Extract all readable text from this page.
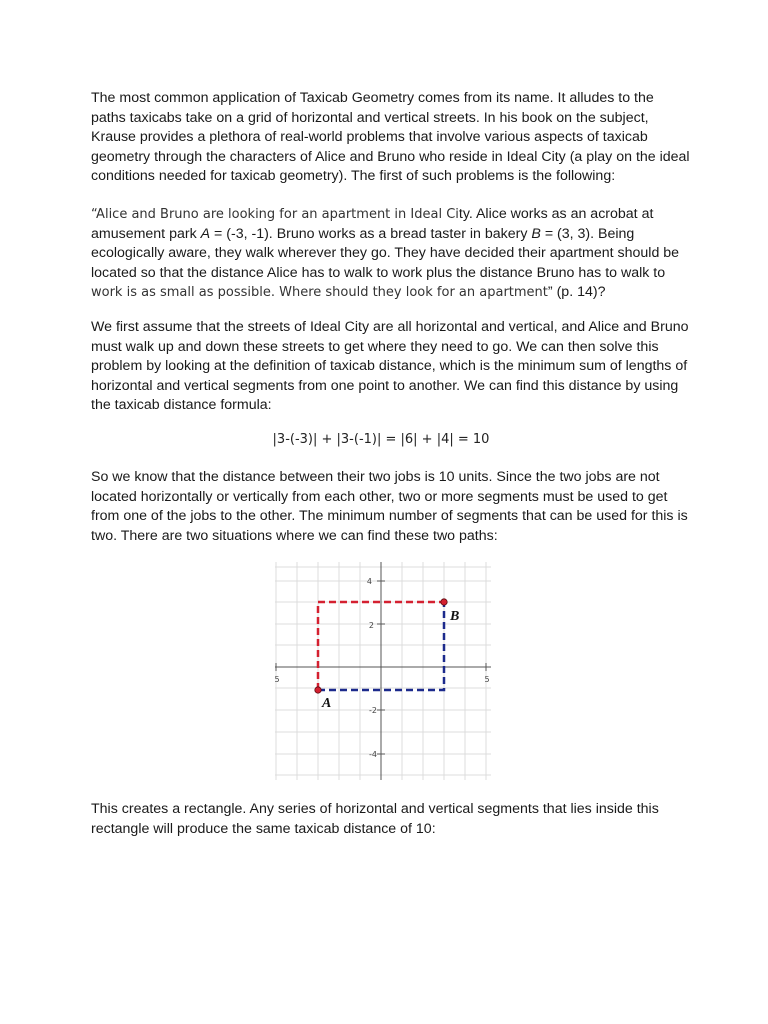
The most common application of Taxicab Geometry comes from its name. It alludes to the paths taxicabs take on a grid of horizontal and vertical streets. In his book on the subject, Krause provides a plethora of real-world problems that involve various aspects of taxicab geometry through the characters of Alice and Bruno who reside in Ideal City (a play on the ideal conditions needed for taxicab geometry). The first of such problems is the following:

“Alice and Bruno are looking for an apartment in Ideal City. Alice works as an acrobat at amusement park A = (-3, -1). Bruno works as a bread taster in bakery B = (3, 3). Being ecologically aware, they walk wherever they go. They have decided their apartment should be located so that the distance Alice has to walk to work plus the distance Bruno has to walk to work is as small as possible. Where should they look for an apartment” (p. 14)?

We first assume that the streets of Ideal City are all horizontal and vertical, and Alice and Bruno must walk up and down these streets to get where they need to go. We can then solve this problem by looking at the definition of taxicab distance, which is the minimum sum of lengths of horizontal and vertical segments from one point to another. We can find this distance by using the taxicab distance formula:

|3-(-3)| + |3-(-1)| = |6| + |4| = 10

So we know that the distance between their two jobs is 10 units. Since the two jobs are not located horizontally or vertically from each other, two or more segments must be used to get from one of the jobs to the other. The minimum number of segments that can be used for this is two. There are two situations where we can find these two paths:

This creates a rectangle. Any series of horizontal and vertical segments that lies inside this rectangle will produce the same taxicab distance of 10:

4
2
-2
-4
5	5
A
B
